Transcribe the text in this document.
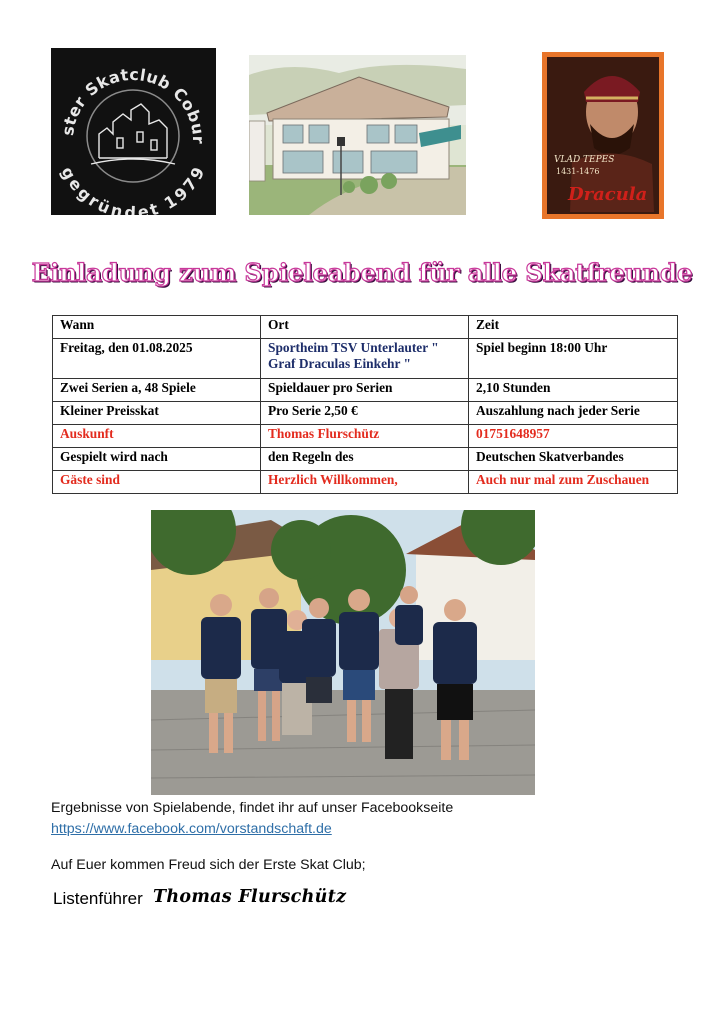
ster Skatclub Cobur
gegründet 1979
VLAD TEPES
1431-1476
Dracula
Einladung zum Spieleabend für alle Skatfreunde
Wann	Ort	Zeit
Freitag, den 01.08.2025	Sportheim TSV Unterlauter " Graf Draculas Einkehr "	Spiel beginn 18:00 Uhr
Zwei Serien a, 48 Spiele	Spieldauer pro Serien	2,10 Stunden
Kleiner Preisskat	Pro Serie 2,50 €	Auszahlung nach jeder Serie
Auskunft	Thomas Flurschütz	01751648957
Gespielt wird nach	den Regeln des	Deutschen Skatverbandes
Gäste sind	Herzlich Willkommen,	Auch nur mal zum Zuschauen
Ergebnisse von Spielabende, findet ihr auf unser Facebookseite
https://www.facebook.com/vorstandschaft.de
Auf Euer kommen Freud sich der Erste Skat Club;
Listenführer Thomas Flurschütz
